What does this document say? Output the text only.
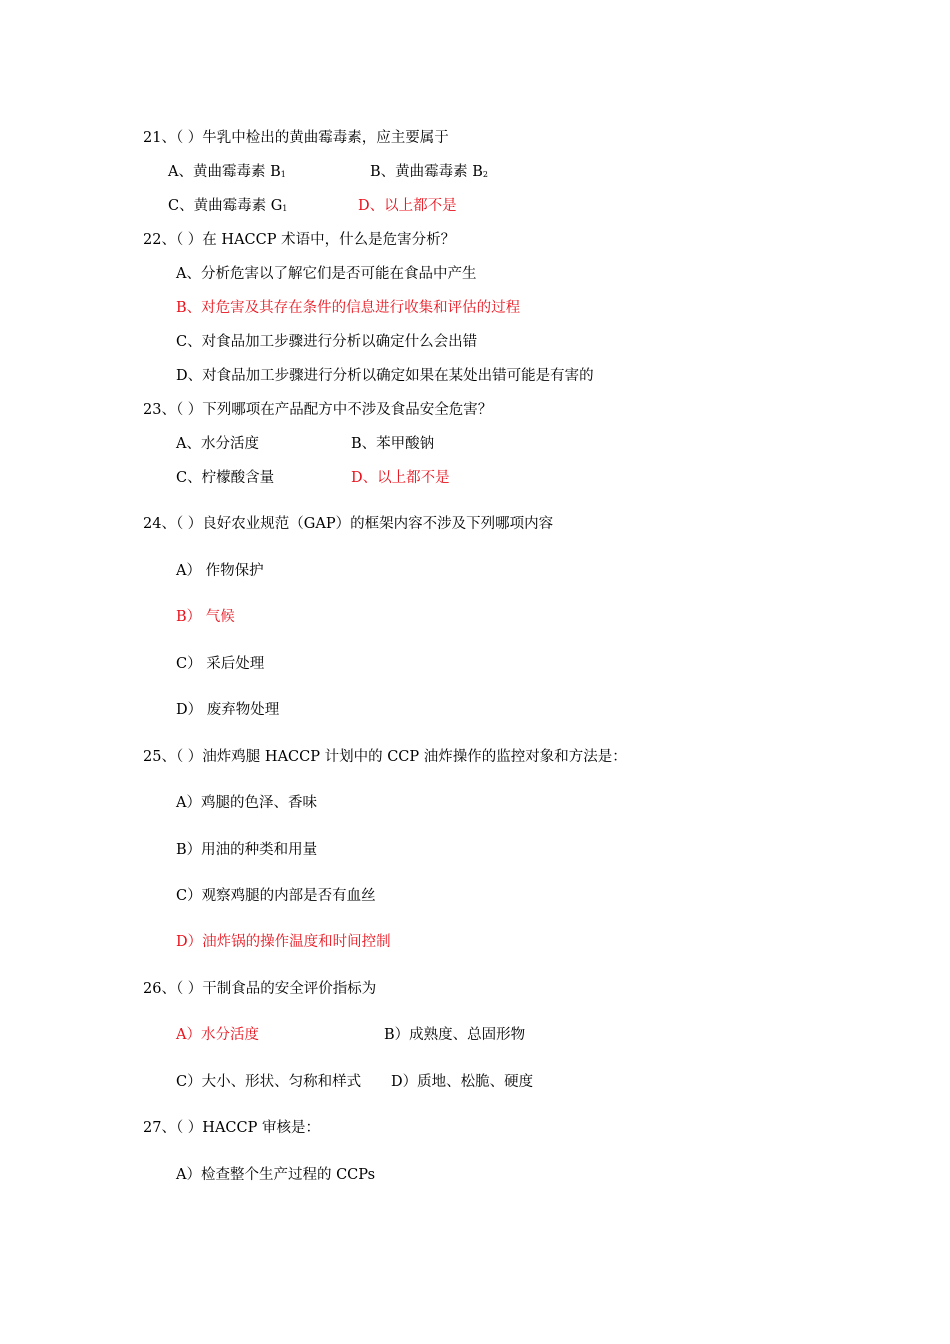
21、（ ）牛乳中检出的黄曲霉毒素，应主要属于
A、黄曲霉毒素 $B_1$	B、黄曲霉毒素 $B_2$
C、黄曲霉毒素 $G_1$	D、以上都不是
22、（ ）在 HACCP 术语中，什么是危害分析？
A、分析危害以了解它们是否可能在食品中产生
B、对危害及其存在条件的信息进行收集和评估的过程
C、对食品加工步骤进行分析以确定什么会出错
D、对食品加工步骤进行分析以确定如果在某处出错可能是有害的
23、（ ）下列哪项在产品配方中不涉及食品安全危害？
A、水分活度	B、苯甲酸钠
C、柠檬酸含量	D、以上都不是
24、（ ）良好农业规范（GAP）的框架内容不涉及下列哪项内容
A） 作物保护
B） 气候
C） 采后处理
D） 废弃物处理
25、（ ）油炸鸡腿 HACCP 计划中的 CCP 油炸操作的监控对象和方法是：
A）鸡腿的色泽、香味
B）用油的种类和用量
C）观察鸡腿的内部是否有血丝
D）油炸锅的操作温度和时间控制
26、（ ）干制食品的安全评价指标为
A）水分活度	B）成熟度、总固形物
C）大小、形状、匀称和样式 D）质地、松脆、硬度
27、（ ）HACCP 审核是：
A）检查整个生产过程的 CCPs
